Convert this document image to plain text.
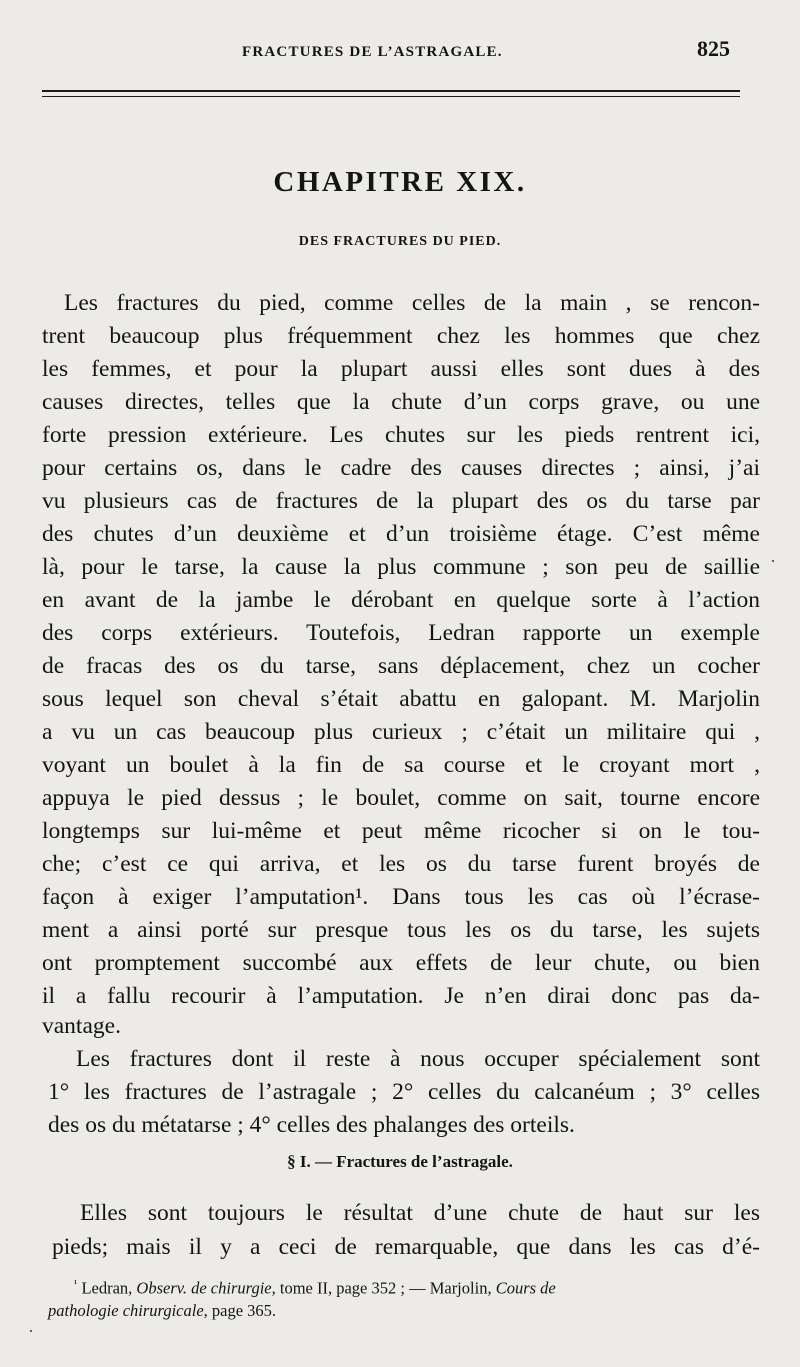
FRACTURES DE L’ASTRAGALE.	825
CHAPITRE XIX.
DES FRACTURES DU PIED.
Les fractures du pied, comme celles de la main , se rencon-
trent beaucoup plus fréquemment chez les hommes que chez
les femmes, et pour la plupart aussi elles sont dues à des
causes directes, telles que la chute d’un corps grave, ou une
forte pression extérieure. Les chutes sur les pieds rentrent ici,
pour certains os, dans le cadre des causes directes ; ainsi, j’ai
vu plusieurs cas de fractures de la plupart des os du tarse par
des chutes d’un deuxième et d’un troisième étage. C’est même
là, pour le tarse, la cause la plus commune ; son peu de saillie
en avant de la jambe le dérobant en quelque sorte à l’action
des corps extérieurs. Toutefois, Ledran rapporte un exemple
de fracas des os du tarse, sans déplacement, chez un cocher
sous lequel son cheval s’était abattu en galopant. M. Marjolin
a vu un cas beaucoup plus curieux ; c’était un militaire qui ,
voyant un boulet à la fin de sa course et le croyant mort ,
appuya le pied dessus ; le boulet, comme on sait, tourne encore
longtemps sur lui-même et peut même ricocher si on le tou-
che; c’est ce qui arriva, et les os du tarse furent broyés de
façon à exiger l’amputation¹. Dans tous les cas où l’écrase-
ment a ainsi porté sur presque tous les os du tarse, les sujets
ont promptement succombé aux effets de leur chute, ou bien
il a fallu recourir à l’amputation. Je n’en dirai donc pas da-
vantage.
Les fractures dont il reste à nous occuper spécialement sont
1° les fractures de l’astragale ; 2° celles du calcanéum ; 3° celles
des os du métatarse ; 4° celles des phalanges des orteils.
§ I. — Fractures de l’astragale.
Elles sont toujours le résultat d’une chute de haut sur les
pieds; mais il y a ceci de remarquable, que dans les cas d’é-
$^{^1}$ Ledran, Observ. de chirurgie, tome II, page 352 ; — Marjolin, Cours de
pathologie chirurgicale, page 365.
